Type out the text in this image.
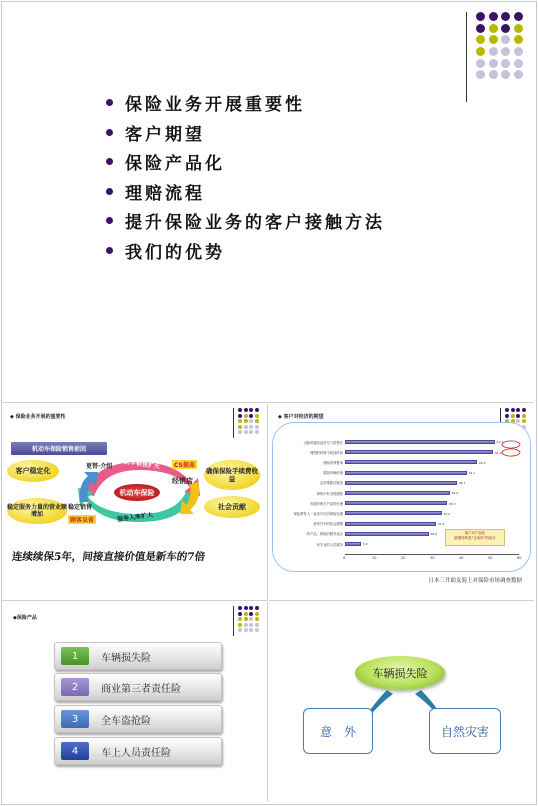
保险业务开展重要性
客户期望
保险产品化
理赔流程
提升保险业务的客户接触方法
我们的优势
◆ 保险业务开展的重要性
机动车保险销售前因
机动车保险
客户稳定化
稳定服务力量的营业额增加
确保保险手续费收益
社会贡献
更替·介绍 新车销售扩大	CS提高
经销店
稳定销售
服务入库扩大
顾客呆留
连续续保5年，间接直接价值是新车的7倍
◆ 客户对经济的期望
出险时服务及时专门的售后	51.7
理赔的时候不耽误时间	51.2
保险的保费率	45.6
增加车辆价格	42.1
定时维修后服务	38.7
事故中有全程跟踪	36.2
有服务相关产品的处理	35.3
保险费每人一直至可以同保险处理	33.4
使用汽车的机会增强	31.5
持产品、保险的服务适合	28.9
有专业的人员服务	5.6
0	10	20	30	40	50	60
客户对产品化
最期待的是"目前时"的统计
日本三井助友海上对保险市场调查数据
◆保险产品
1	车辆损失险
2	商业第三者责任险
3	全车盗抢险
4	车上人员责任险
车辆损失险
意　外	自然灾害
